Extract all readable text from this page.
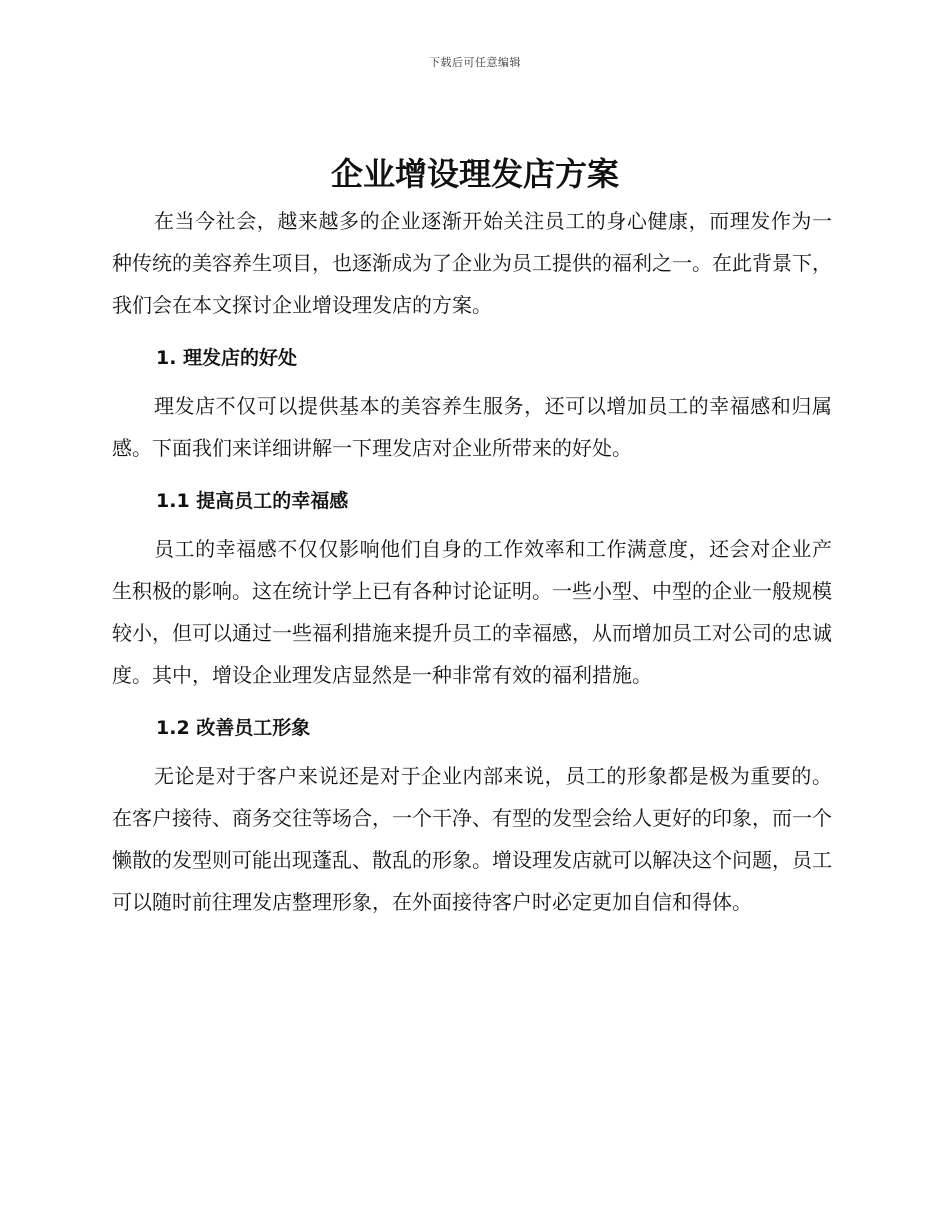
下载后可任意编辑
企业增设理发店方案

在当今社会，越来越多的企业逐渐开始关注员工的身心健康，而理发作为一种传统的美容养生项目，也逐渐成为了企业为员工提供的福利之一。在此背景下，我们会在本文探讨企业增设理发店的方案。

1. 理发店的好处

理发店不仅可以提供基本的美容养生服务，还可以增加员工的幸福感和归属感。下面我们来详细讲解一下理发店对企业所带来的好处。

1.1 提高员工的幸福感

员工的幸福感不仅仅影响他们自身的工作效率和工作满意度，还会对企业产生积极的影响。这在统计学上已有各种讨论证明。一些小型、中型的企业一般规模较小，但可以通过一些福利措施来提升员工的幸福感，从而增加员工对公司的忠诚度。其中，增设企业理发店显然是一种非常有效的福利措施。

1.2 改善员工形象

无论是对于客户来说还是对于企业内部来说，员工的形象都是极为重要的。在客户接待、商务交往等场合，一个干净、有型的发型会给人更好的印象，而一个懒散的发型则可能出现蓬乱、散乱的形象。增设理发店就可以解决这个问题，员工可以随时前往理发店整理形象，在外面接待客户时必定更加自信和得体。
